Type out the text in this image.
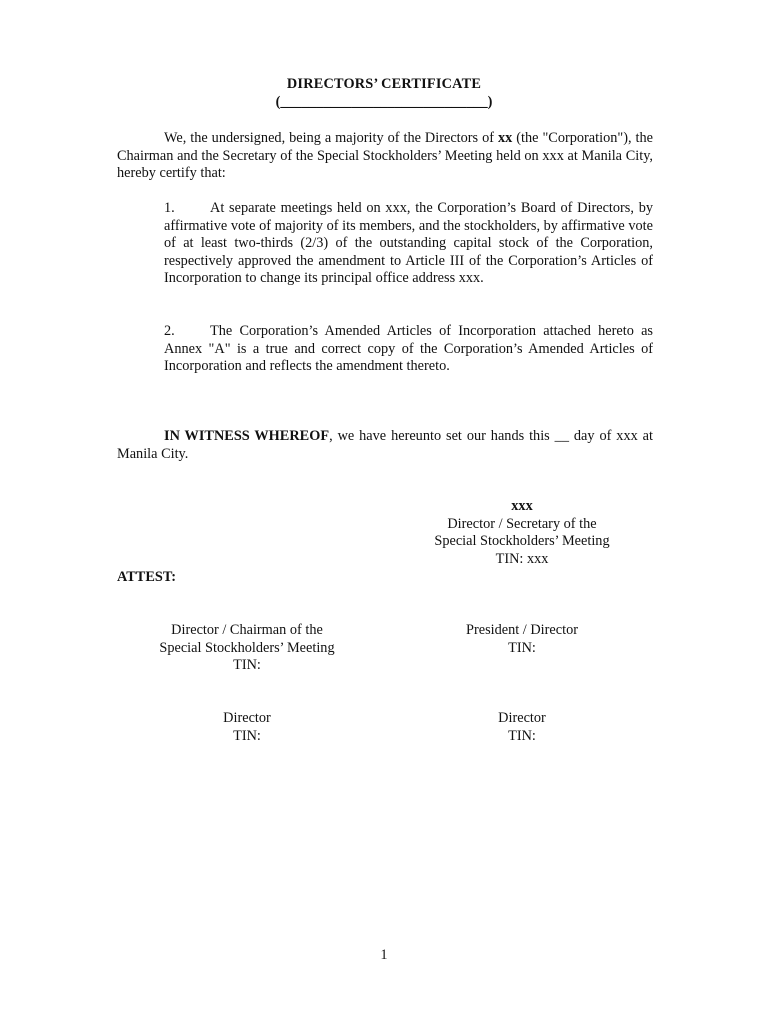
DIRECTORS’ CERTIFICATE
(_____________________________)
We, the undersigned, being a majority of the Directors of xx (the "Corporation"), the Chairman and the Secretary of the Special Stockholders’ Meeting held on xxx at Manila City, hereby certify that:
1. At separate meetings held on xxx, the Corporation’s Board of Directors, by affirmative vote of majority of its members, and the stockholders, by affirmative vote of at least two-thirds (2/3) of the outstanding capital stock of the Corporation, respectively approved the amendment to Article III of the Corporation’s Articles of Incorporation to change its principal office address xxx.
2. The Corporation’s Amended Articles of Incorporation attached hereto as Annex "A" is a true and correct copy of the Corporation’s Amended Articles of Incorporation and reflects the amendment thereto.
IN WITNESS WHEREOF, we have hereunto set our hands this __ day of xxx at Manila City.
xxx
Director / Secretary of the
Special Stockholders’ Meeting
TIN: xxx
ATTEST:
Director / Chairman of the
Special Stockholders’ Meeting
TIN:
President / Director
TIN:
Director
TIN:
Director
TIN:
1
